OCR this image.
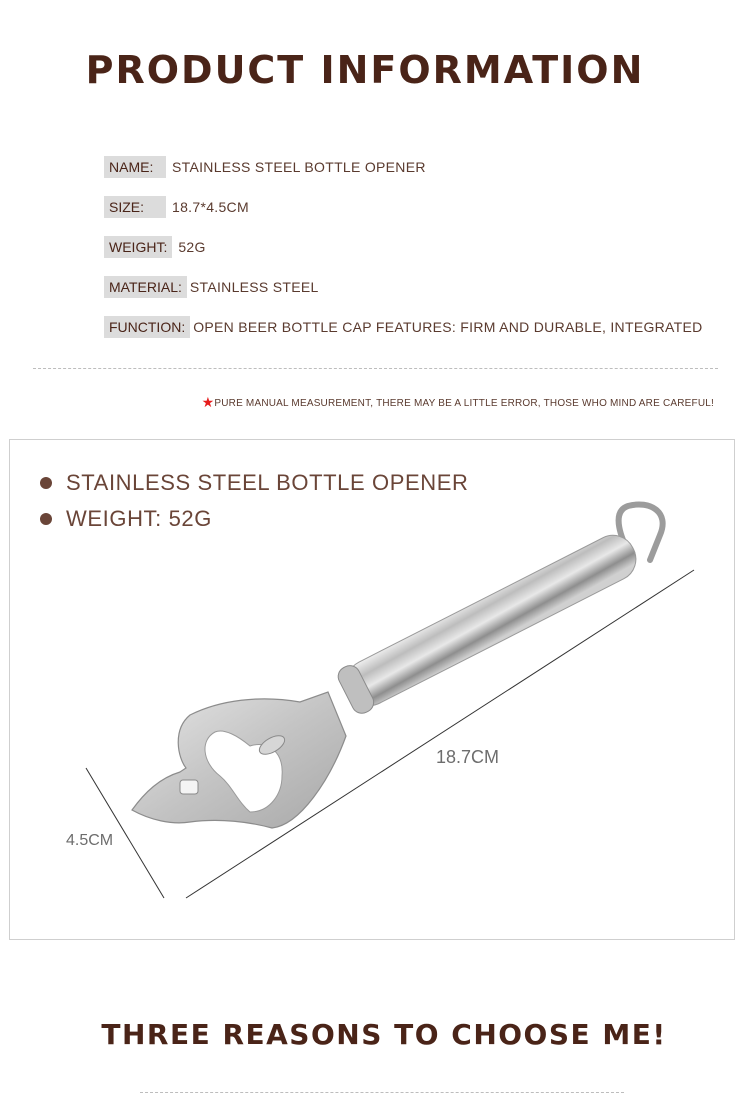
PRODUCT INFORMATION
NAME:	STAINLESS STEEL BOTTLE OPENER
SIZE:	18.7*4.5CM
WEIGHT: 52G
MATERIAL: STAINLESS STEEL
FUNCTION: OPEN BEER BOTTLE CAP FEATURES: FIRM AND DURABLE, INTEGRATED
★PURE MANUAL MEASUREMENT, THERE MAY BE A LITTLE ERROR, THOSE WHO MIND ARE CAREFUL!
STAINLESS STEEL BOTTLE OPENER
WEIGHT: 52G
18.7CM
4.5CM
THREE REASONS TO CHOOSE ME!
